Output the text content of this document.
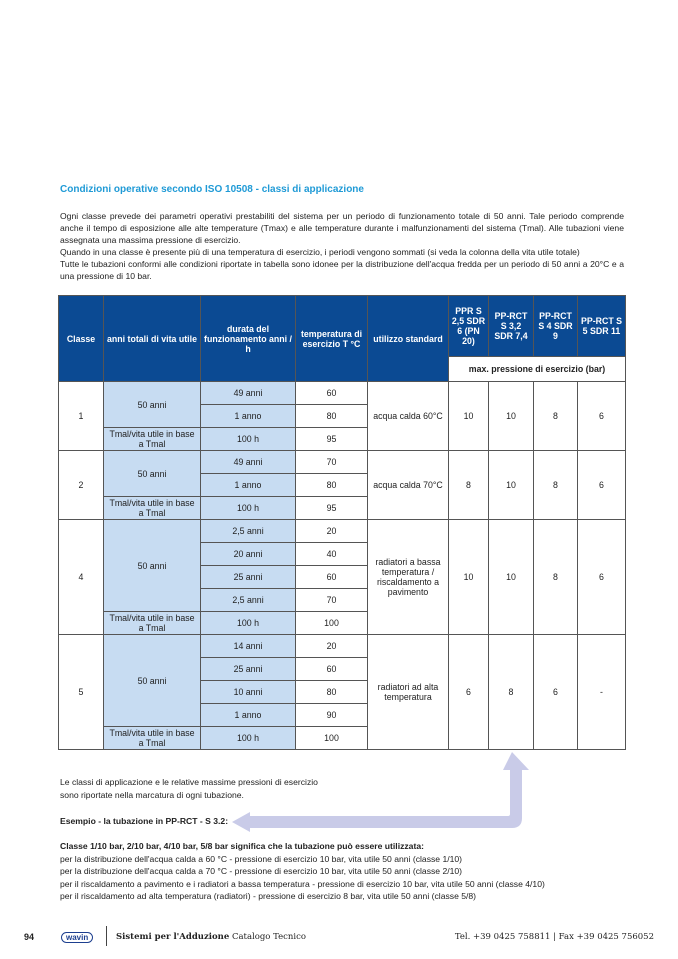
Condizioni operative secondo ISO 10508 - classi di applicazione

Ogni classe prevede dei parametri operativi prestabiliti del sistema per un periodo di funzionamento totale di 50 anni. Tale periodo comprende anche il tempo di esposizione alle alte temperature (Tmax) e alle temperature durante i malfunzionamenti del sistema (Tmal). Alle tubazioni viene assegnata una massima pressione di esercizio.

Quando in una classe è presente più di una temperatura di esercizio, i periodi vengono sommati (si veda la colonna della vita utile totale)

Tutte le tubazioni conformi alle condizioni riportate in tabella sono idonee per la distribuzione dell'acqua fredda per un periodo di 50 anni a 20°C e a una pressione di 10 bar.

Classe	anni totali di vita utile	durata del funzionamento anni / h	temperatura di esercizio T °C	utilizzo standard	PPR S 2,5 SDR 6 (PN 20)	PP-RCT S 3,2 SDR 7,4	PP-RCT S 4 SDR 9	PP-RCT S 5 SDR 11
					max. pressione di esercizio (bar)			
1	50 anni	49 anni	60	acqua calda 60°C	10	10	8	6
		1 anno	80					
	Tmal/vita utile in base a Tmal	100 h	95					
2	50 anni	49 anni	70	acqua calda 70°C	8	10	8	6
		1 anno	80					
	Tmal/vita utile in base a Tmal	100 h	95					
4	50 anni	2,5 anni	20	radiatori a bassa temperatura / riscaldamento a pavimento	10	10	8	6
		20 anni	40					
		25 anni	60					
		2,5 anni	70					
	Tmal/vita utile in base a Tmal	100 h	100					
5	50 anni	14 anni	20	radiatori ad alta temperatura	6	8	6	-
		25 anni	60					
		10 anni	80					
		1 anno	90					
	Tmal/vita utile in base a Tmal	100 h	100					
Le classi di applicazione e le relative massime pressioni di esercizio
sono riportate nella marcatura di ogni tubazione.
Esempio - la tubazione in PP-RCT - S 3.2:
Classe 1/10 bar, 2/10 bar, 4/10 bar, 5/8 bar significa che la tubazione può essere utilizzata:
per la distribuzione dell'acqua calda a 60 °C - pressione di esercizio 10 bar, vita utile 50 anni (classe 1/10)
per la distribuzione dell'acqua calda a 70 °C - pressione di esercizio 10 bar, vita utile 50 anni (classe 2/10)
per il riscaldamento a pavimento e i radiatori a bassa temperatura - pressione di esercizio 10 bar, vita utile 50 anni (classe 4/10)
per il riscaldamento ad alta temperatura (radiatori) - pressione di esercizio 8 bar, vita utile 50 anni (classe 5/8)
94	wavin	Sistemi per l'Adduzione Catalogo Tecnico	Tel. +39 0425 758811 | Fax +39 0425 756052
